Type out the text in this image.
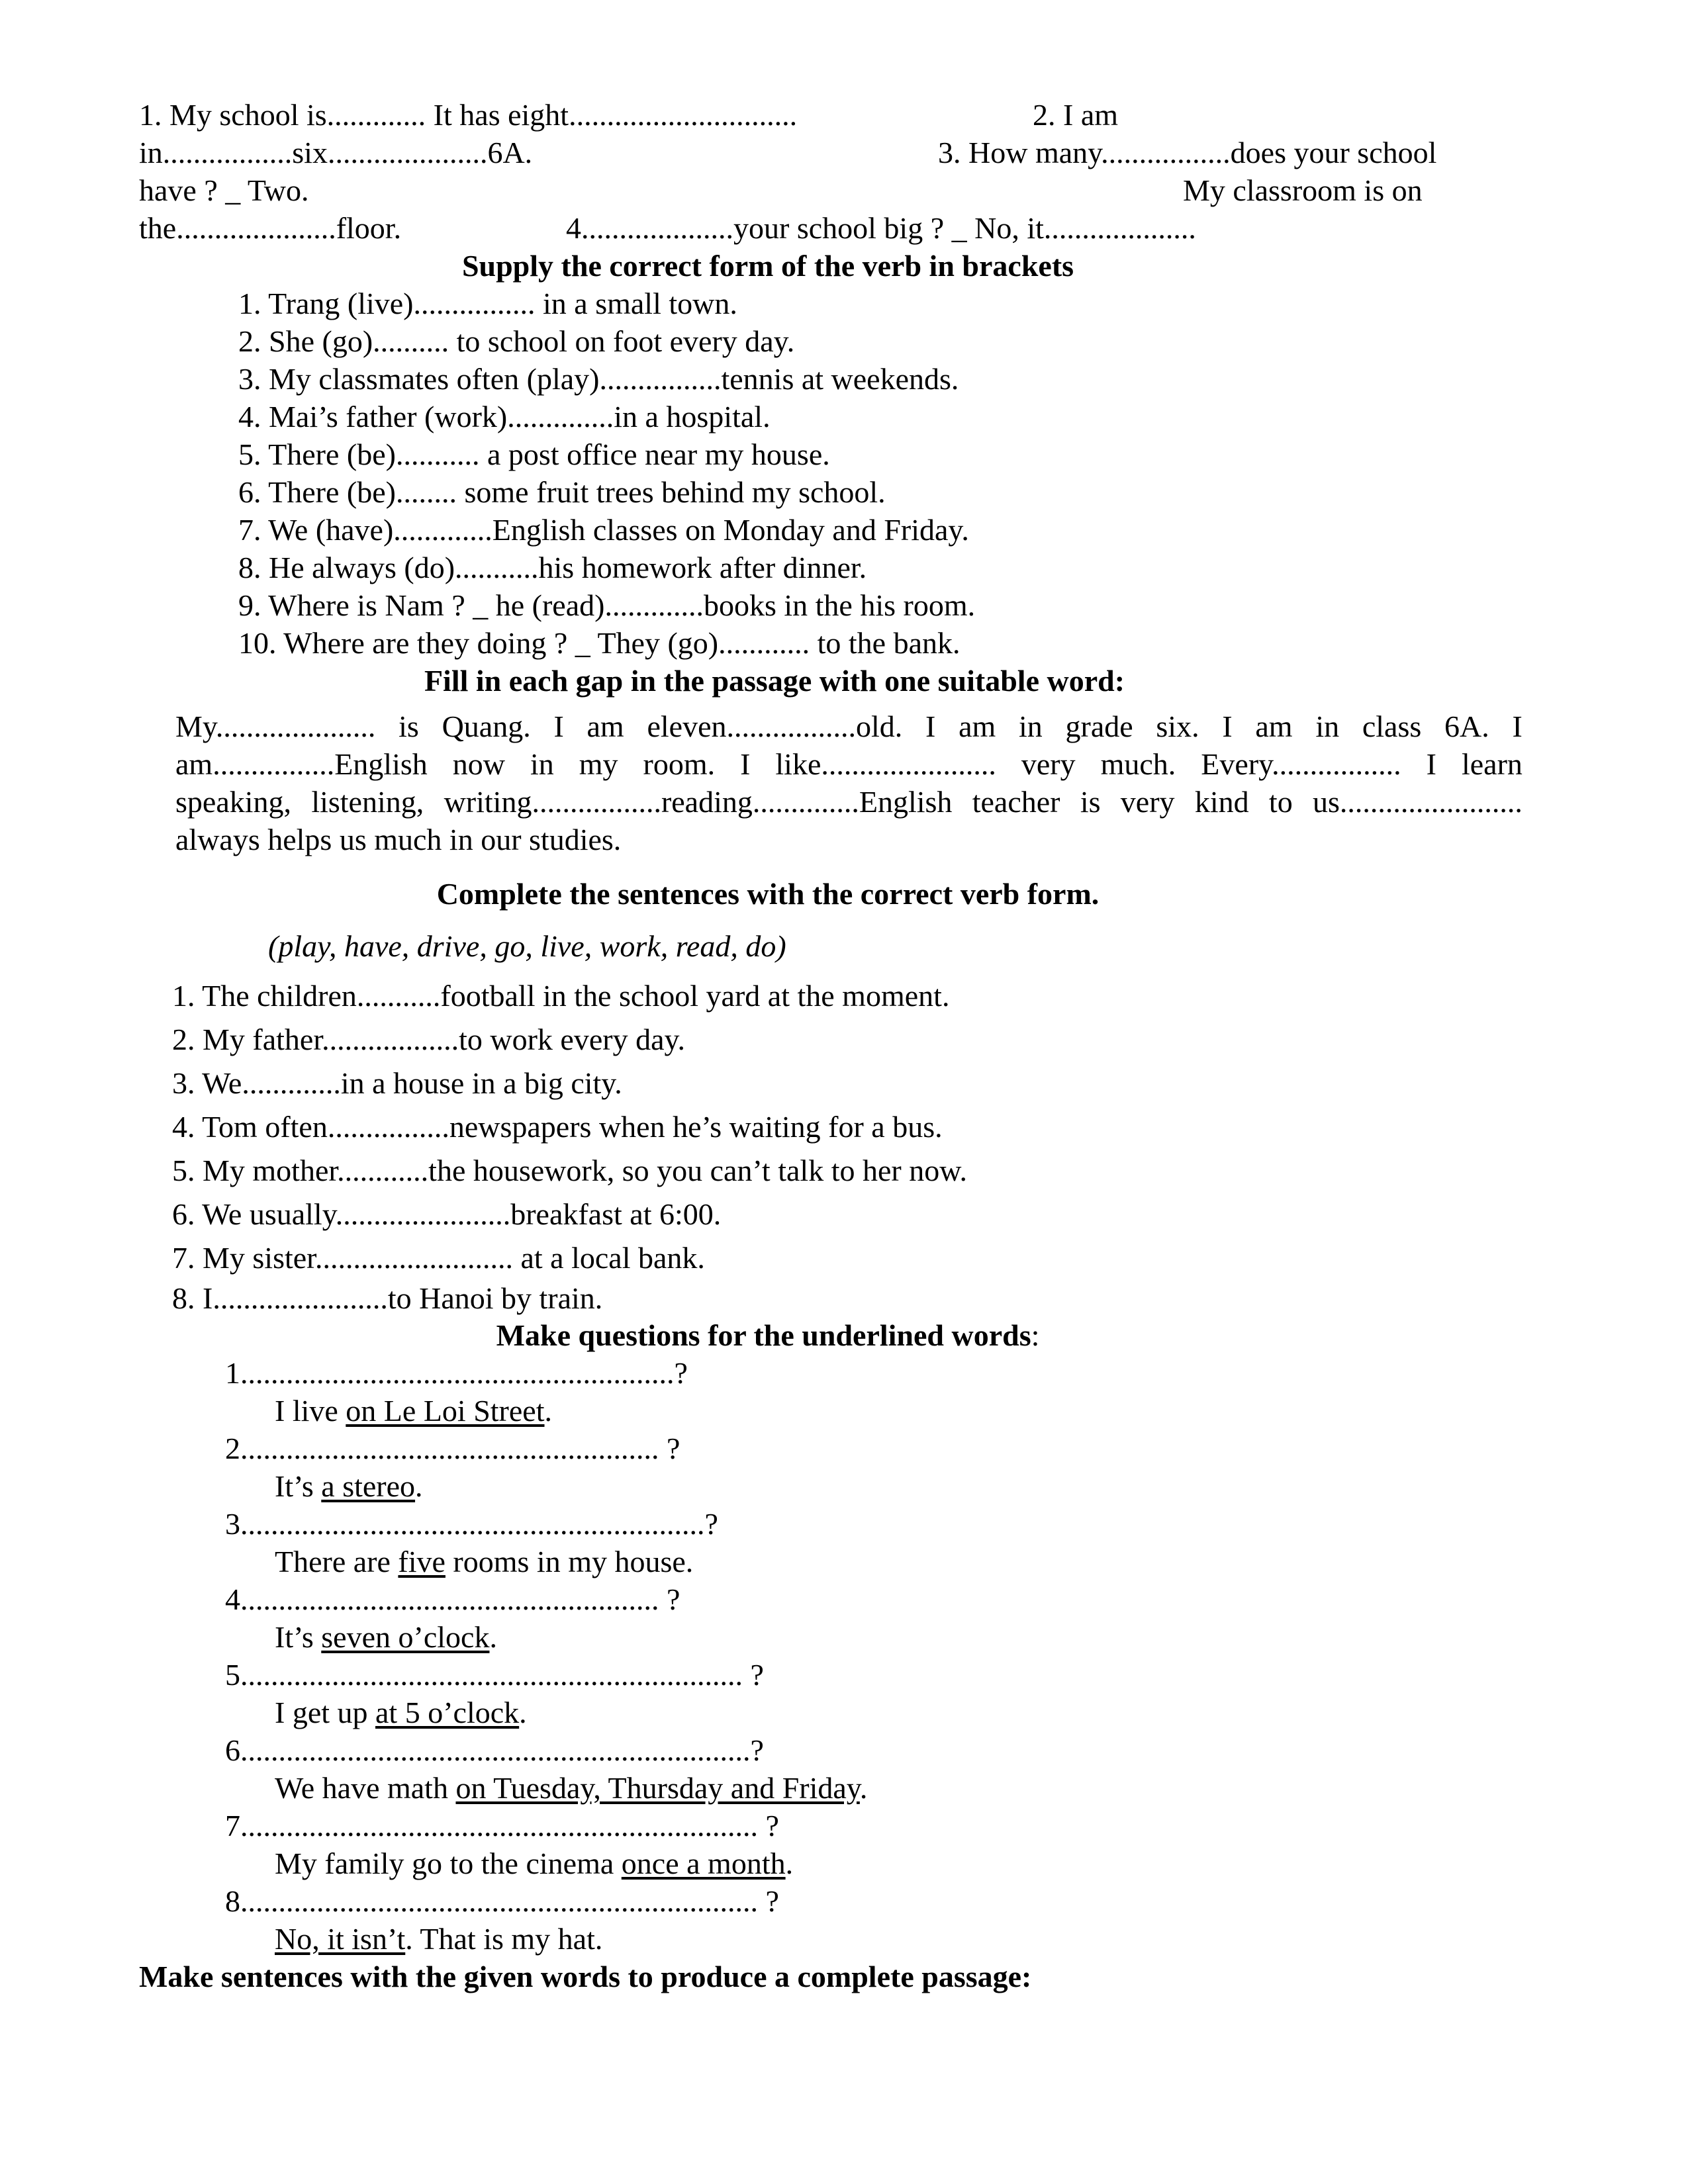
1. My school is............. It has eight..............................	2. I am
in.................six.....................6A.	3. How many.................does your school
have ? _ Two.	My classroom is on
the.....................floor.	4....................your school big ? _ No, it....................
Supply the correct form of the verb in brackets
1. Trang (live)................ in a small town.
2. She (go).......... to school on foot every day.
3. My classmates often (play)................tennis at weekends.
4. Mai’s father (work)..............in a hospital.
5. There (be)........... a post office near my house.
6. There (be)........ some fruit trees behind my school.
7. We (have).............English classes on Monday and Friday.
8. He always (do)...........his homework after dinner.
9. Where is Nam ? _ he (read).............books in the his room.
10. Where are they doing ? _ They (go)............ to the bank.
Fill in each gap in the passage with one suitable word:
My..................... is Quang. I am eleven.................old. I am in grade six. I am in class 6A. I
am................English now in my room. I like....................... very much. Every................. I learn
speaking, listening, writing.................reading..............English teacher is very kind to us........................
always helps us much in our studies.
Complete the sentences with the correct verb form.
(play, have, drive, go, live, work, read, do)
1. The children...........football in the school yard at the moment.
2. My father..................to work every day.
3. We.............in a house in a big city.
4. Tom often................newspapers when he’s waiting for a bus.
5. My mother............the housework, so you can’t talk to her now.
6. We usually.......................breakfast at 6:00.
7. My sister.......................... at a local bank.
8. I.......................to Hanoi by train.
Make questions for the underlined words:
1.........................................................?
I live on Le Loi Street.
2....................................................... ?
It’s a stereo.
3.............................................................?
There are five rooms in my house.
4....................................................... ?
It’s seven o’clock.
5.................................................................. ?
I get up at 5 o’clock.
6...................................................................?
We have math on Tuesday, Thursday and Friday.
7.................................................................... ?
My family go to the cinema once a month.
8.................................................................... ?
No, it isn’t. That is my hat.
Make sentences with the given words to produce a complete passage:
